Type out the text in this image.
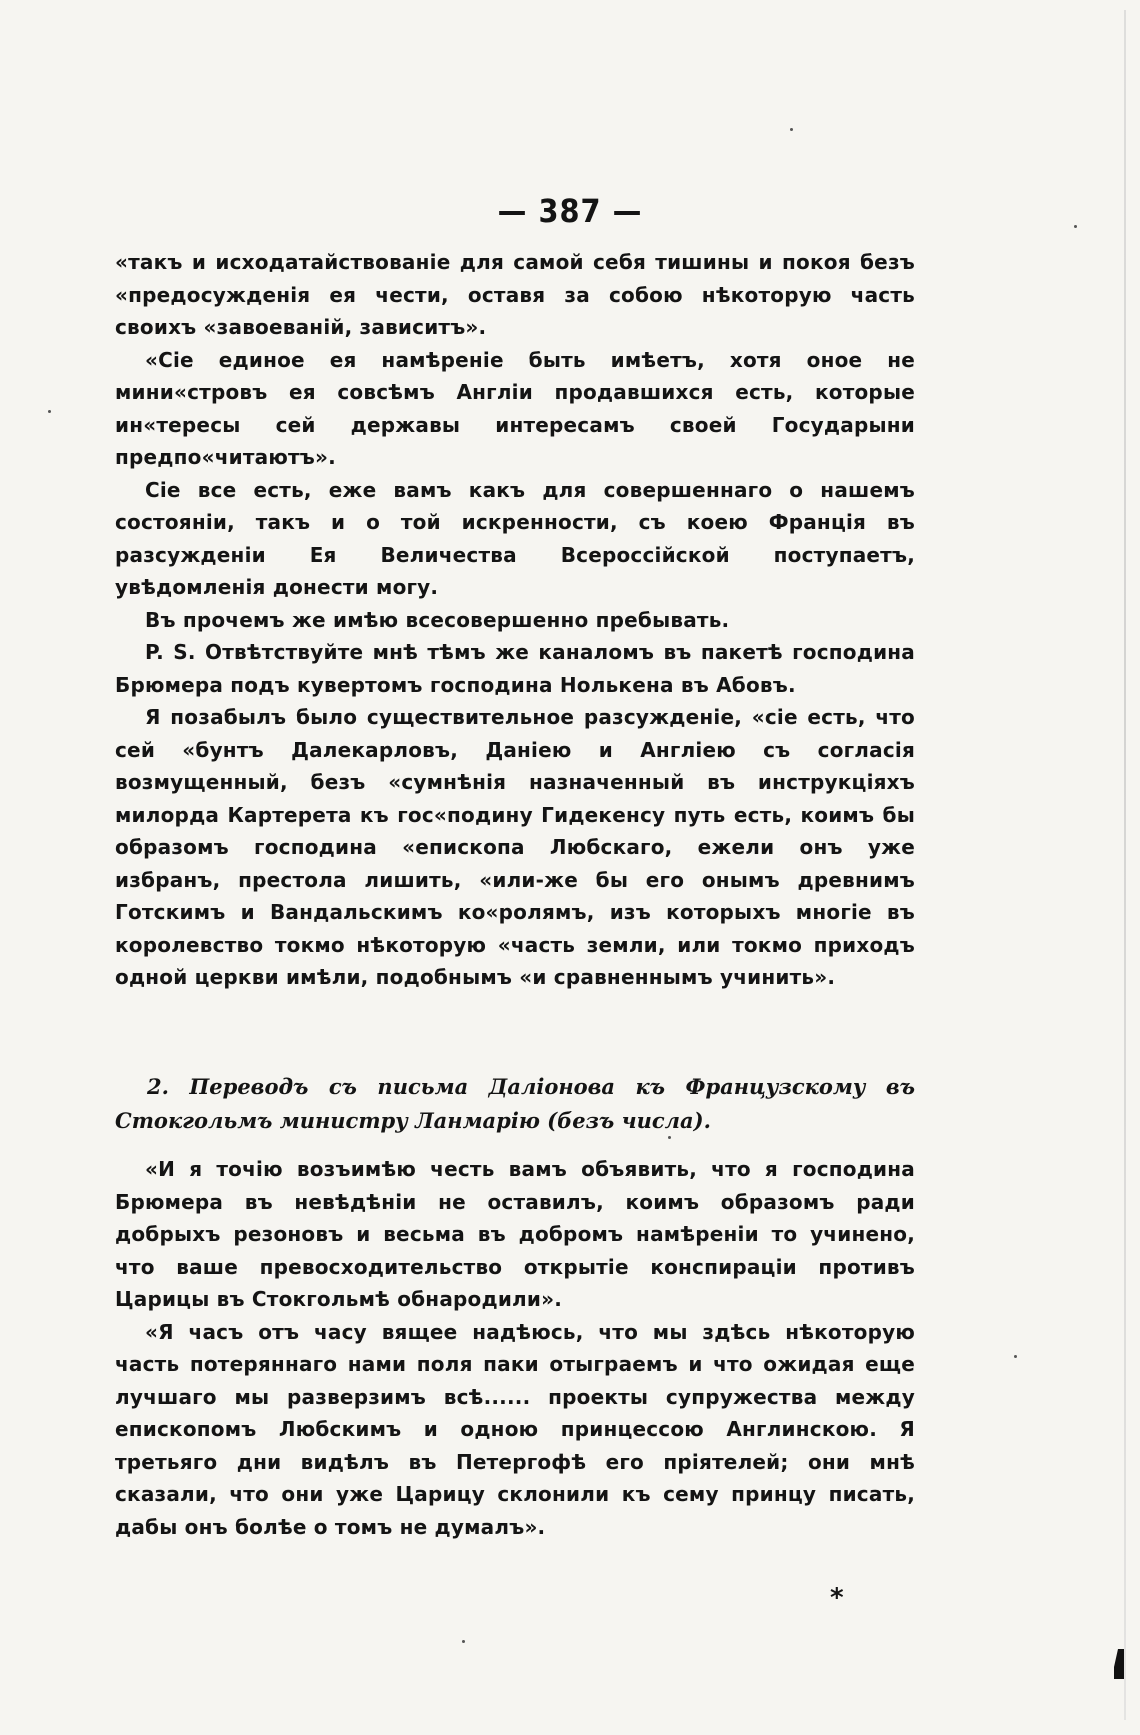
— 387 —

«такъ и исходатайствованіе для самой себя тишины и покоя безъ «предосужденія ея чести, оставя за собою нѣкоторую часть своихъ «завоеваній, зависитъ».

«Сіе единое ея намѣреніе быть имѣетъ, хотя оное не мини«стровъ ея совсѣмъ Англіи продавшихся есть, которые ин«тересы сей державы интересамъ своей Государыни предпо«читаютъ».

Сіе все есть, еже вамъ какъ для совершеннаго о нашемъ состояніи, такъ и о той искренности, съ коею Франція въ разсужденіи Ея Величества Всероссійской поступаетъ, увѣдомленія донести могу.

Въ прочемъ же имѣю всесовершенно пребывать.

P. S. Отвѣтствуйте мнѣ тѣмъ же каналомъ въ пакетѣ господина Брюмера подъ кувертомъ господина Нолькена въ Абовъ.

Я позабылъ было существительное разсужденіе, «сіе есть, что сей «бунтъ Далекарловъ, Даніею и Англіею съ согласія возмущенный, безъ «сумнѣнія назначенный въ инструкціяхъ милорда Картерета къ гос«подину Гидекенсу путь есть, коимъ бы образомъ господина «епископа Любскаго, ежели онъ уже избранъ, престола лишить, «или-же бы его онымъ древнимъ Готскимъ и Вандальскимъ ко«ролямъ, изъ которыхъ многіе въ королевство токмо нѣкоторую «часть земли, или токмо приходъ одной церкви имѣли, подобнымъ «и сравненнымъ учинить».

2. Переводъ съ письма Даліонова къ Французскому въ Стокгольмъ министру Ланмарію (безъ числа).

«И я точію возъимѣю честь вамъ объявить, что я господина Брюмера въ невѣдѣніи не оставилъ, коимъ образомъ ради добрыхъ резоновъ и весьма въ добромъ намѣреніи то учинено, что ваше превосходительство открытіе конспираціи противъ Царицы въ Стокгольмѣ обнародили».

«Я часъ отъ часу вящее надѣюсь, что мы здѣсь нѣкоторую часть потеряннаго нами поля паки отыграемъ и что ожидая еще лучшаго мы разверзимъ всѣ...... проекты супружества между епископомъ Любскимъ и одною принцессою Англинскою. Я третьяго дни видѣлъ въ Петергофѣ его пріятелей; они мнѣ сказали, что они уже Царицу склонили къ сему принцу писать, дабы онъ болѣе о томъ не думалъ».

*
